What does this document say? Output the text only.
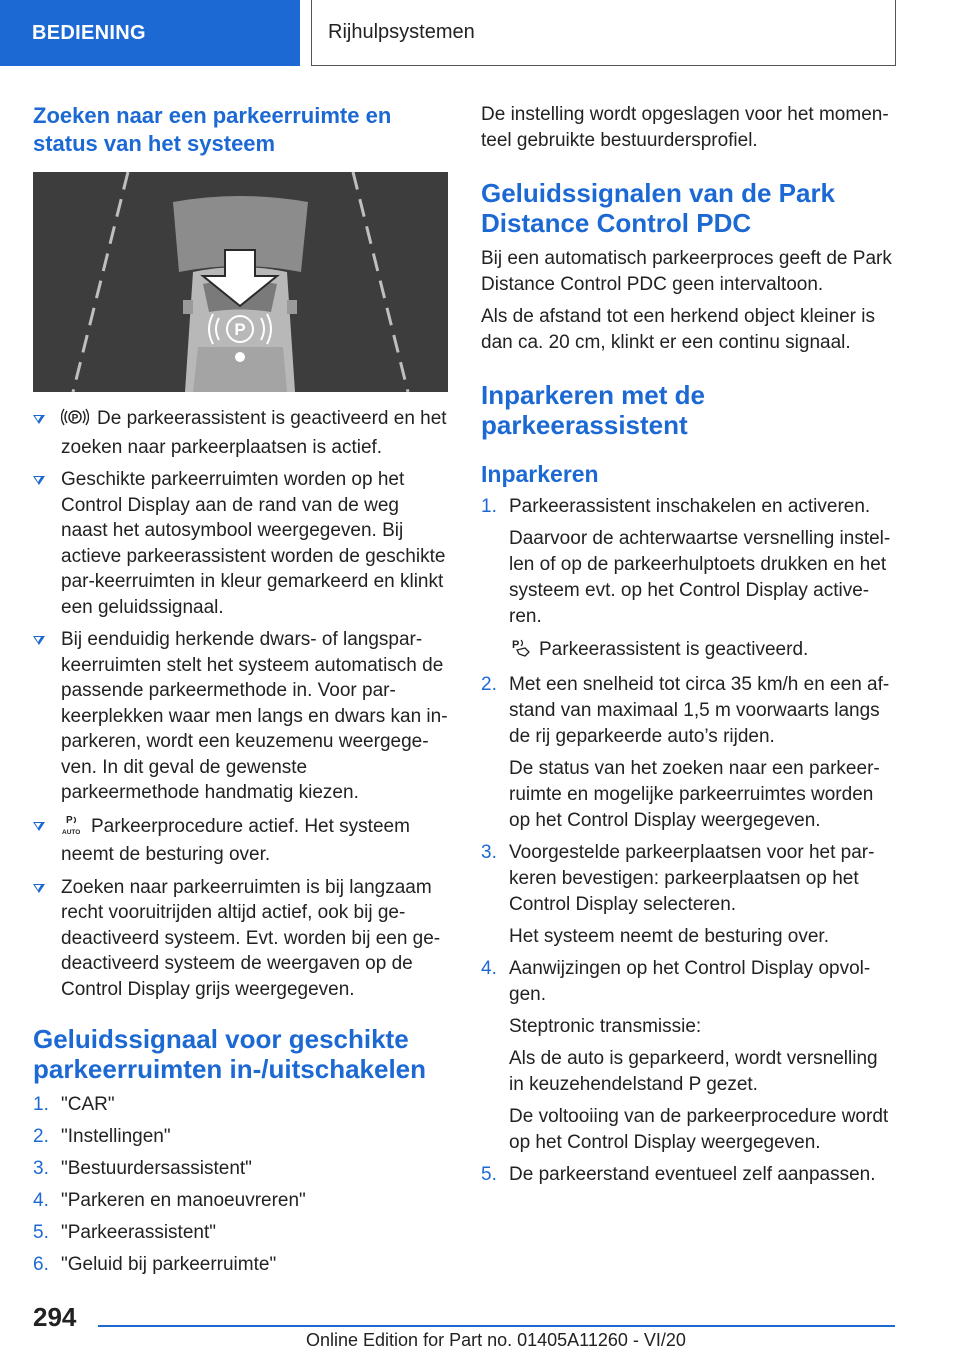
BEDIENING	Rijhulpsystemen
Zoeken naar een parkeerruimte en status van het systeem
P
P De parkeerassistent is geactiveerd en het zoeken naar parkeerplaatsen is actief.
Geschikte parkeerruimten worden op het Control Display aan de rand van de weg naast het autosymbool weergegeven. Bij actieve parkeerassistent worden de geschikte par-keerruimten in kleur gemarkeerd en klinkt een geluidssignaal.
Bij eenduidig herkende dwars- of langspar-keerruimten stelt het systeem automatisch de passende parkeermethode in. Voor par-keerplekken waar men langs en dwars kan in-parkeren, wordt een keuzemenu weergege-ven. In dit geval de gewenste parkeermethode handmatig kiezen.
P
AUTO Parkeerprocedure actief. Het systeem neemt de besturing over.
Zoeken naar parkeerruimten is bij langzaam recht vooruitrijden altijd actief, ook bij ge-deactiveerd systeem. Evt. worden bij een ge-deactiveerd systeem de weergaven op de Control Display grijs weergegeven.
Geluidssignaal voor geschikte parkeerruimten in-/uitschakelen
1. "CAR"
2. "Instellingen"
3. "Bestuurdersassistent"
4. "Parkeren en manoeuvreren"
5. "Parkeerassistent"
6. "Geluid bij parkeerruimte"

De instelling wordt opgeslagen voor het momen-teel gebruikte bestuurdersprofiel.

Geluidssignalen van de Park Distance Control PDC

Bij een automatisch parkeerproces geeft de Park Distance Control PDC geen intervaltoon.

Als de afstand tot een herkend object kleiner is dan ca. 20 cm, klinkt er een continu signaal.

Inparkeren met de parkeerassistent
Inparkeren
1. Parkeerassistent inschakelen en activeren.

Daarvoor de achterwaartse versnelling instel-len of op de parkeerhulptoets drukken en het systeem evt. op het Control Display active-ren.

P Parkeerassistent is geactiveerd.

2. Met een snelheid tot circa 35 km/h en een af-stand van maximaal 1,5 m voorwaarts langs de rij geparkeerde auto’s rijden.

De status van het zoeken naar een parkeer-ruimte en mogelijke parkeerruimtes worden op het Control Display weergegeven.

3. Voorgestelde parkeerplaatsen voor het par-keren bevestigen: parkeerplaatsen op het Control Display selecteren.

Het systeem neemt de besturing over.

4. Aanwijzingen op het Control Display opvol-gen.

Steptronic transmissie:

Als de auto is geparkeerd, wordt versnelling in keuzehendelstand P gezet.

De voltooiing van de parkeerprocedure wordt op het Control Display weergegeven.

5. De parkeerstand eventueel zelf aanpassen.
294
Online Edition for Part no. 01405A11260 - VI/20
